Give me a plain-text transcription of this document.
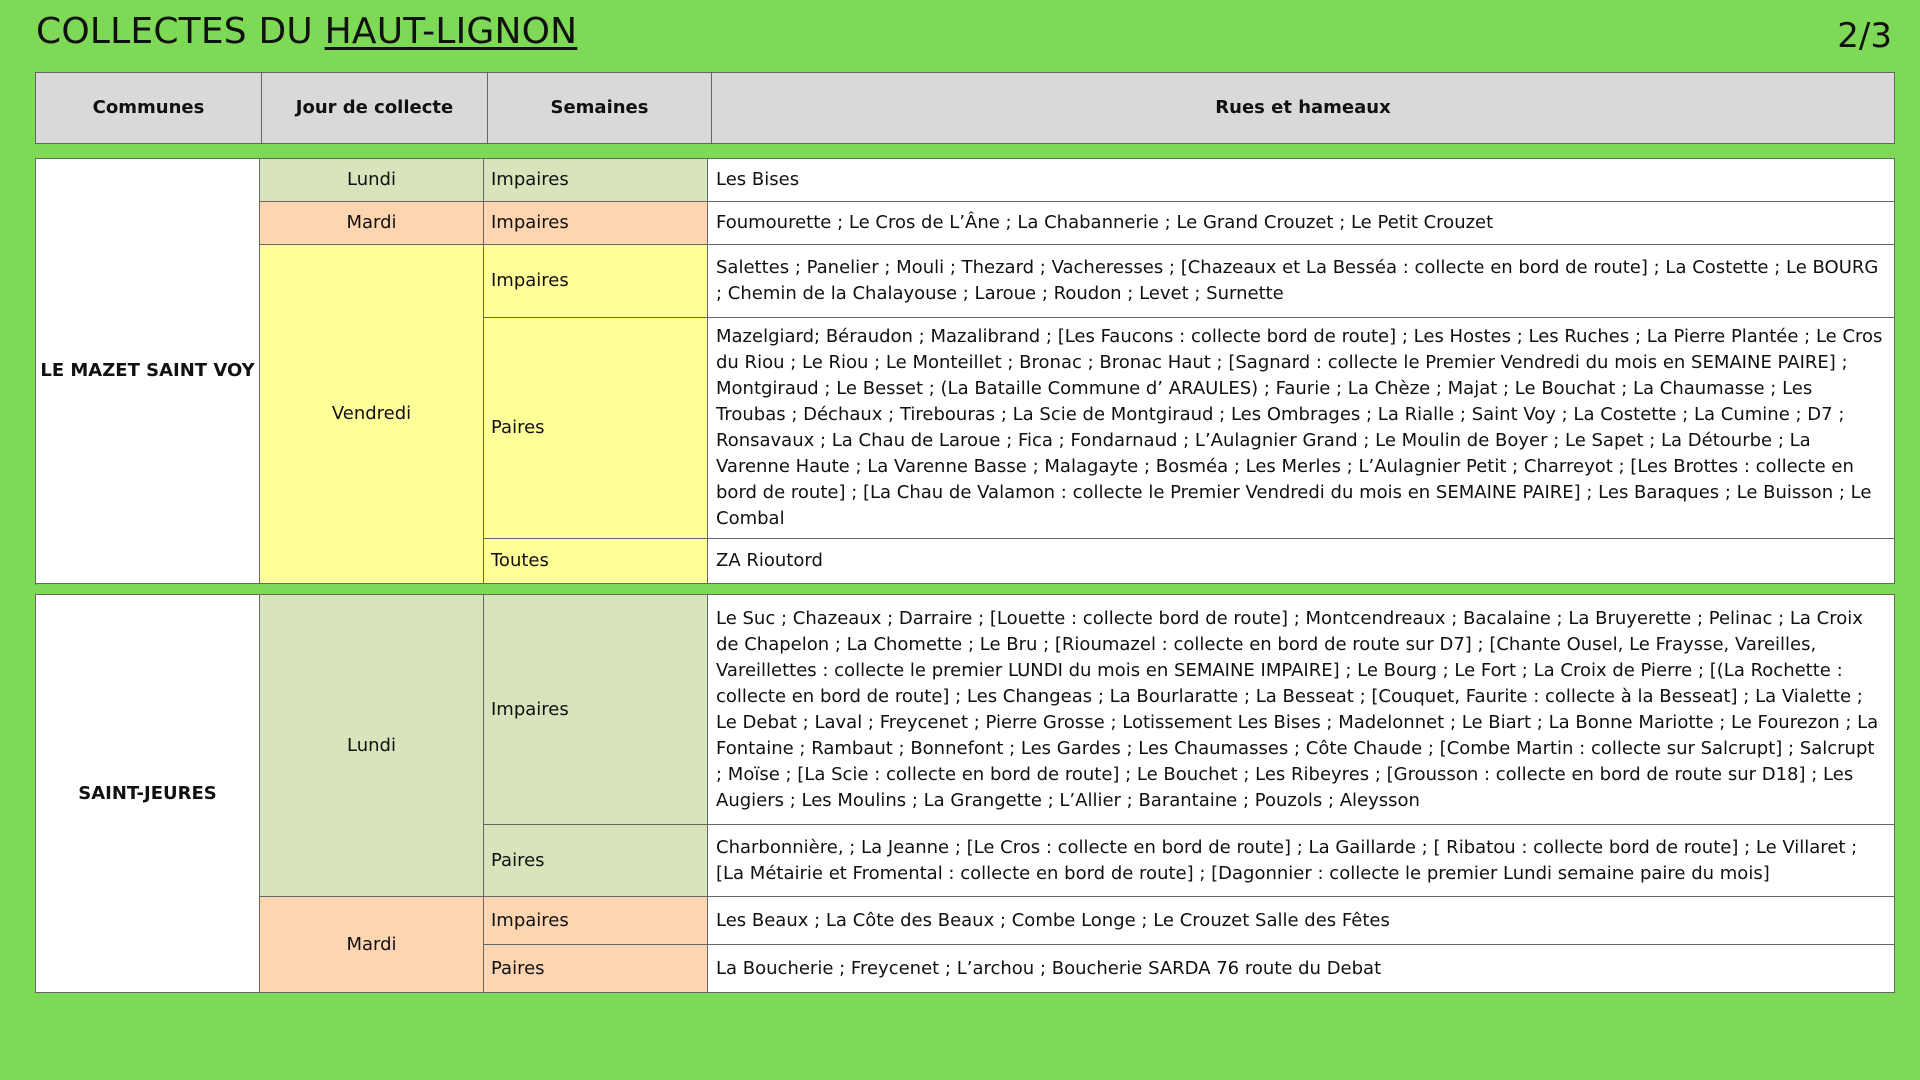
COLLECTES DU HAUT-LIGNON	2/3
Communes	Jour de collecte	Semaines	Rues et hameaux
LE MAZET SAINT VOY	Lundi	Impaires	Les Bises
	Mardi	Impaires	Foumourette ; Le Cros de L’Âne ; La Chabannerie ; Le Grand Crouzet ; Le Petit Crouzet
	Vendredi	Impaires	Salettes ; Panelier ; Mouli ; Thezard ; Vacheresses ; [Chazeaux et La Besséa : collecte en bord de route] ; La Costette ; Le BOURG ; Chemin de la Chalayouse ; Laroue ; Roudon ; Levet ; Surnette
		Paires	Mazelgiard; Béraudon ; Mazalibrand ; [Les Faucons : collecte bord de route] ; Les Hostes ; Les Ruches ; La Pierre Plantée ; Le Cros du Riou ; Le Riou ; Le Monteillet ; Bronac ; Bronac Haut ; [Sagnard : collecte le Premier Vendredi du mois en SEMAINE PAIRE] ; Montgiraud ; Le Besset ; (La Bataille Commune d’ ARAULES) ; Faurie ; La Chèze ; Majat ; Le Bouchat ; La Chaumasse ; Les Troubas ; Déchaux ; Tirebouras ; La Scie de Montgiraud ; Les Ombrages ; La Rialle ; Saint Voy ; La Costette ; La Cumine ; D7 ; Ronsavaux ; La Chau de Laroue ; Fica ; Fondarnaud ; L’Aulagnier Grand ; Le Moulin de Boyer ; Le Sapet ; La Détourbe ; La Varenne Haute ; La Varenne Basse ; Malagayte ; Bosméa ; Les Merles ; L’Aulagnier Petit ; Charreyot ; [Les Brottes : collecte en bord de route] ; [La Chau de Valamon : collecte le Premier Vendredi du mois en SEMAINE PAIRE] ; Les Baraques ; Le Buisson ; Le Combal
		Toutes	ZA Rioutord

SAINT-JEURES	Lundi	Impaires	Le Suc ; Chazeaux ; Darraire ; [Louette : collecte bord de route] ; Montcendreaux ; Bacalaine ; La Bruyerette ; Pelinac ; La Croix de Chapelon ; La Chomette ; Le Bru ; [Rioumazel : collecte en bord de route sur D7] ; [Chante Ousel, Le Fraysse, Vareilles, Vareillettes : collecte le premier LUNDI du mois en SEMAINE IMPAIRE] ; Le Bourg ; Le Fort ; La Croix de Pierre ; [(La Rochette : collecte en bord de route] ; Les Changeas ; La Bourlaratte ; La Besseat ; [Couquet, Faurite : collecte à la Besseat] ; La Vialette ; Le Debat ; Laval ; Freycenet ; Pierre Grosse ; Lotissement Les Bises ; Madelonnet ; Le Biart ; La Bonne Mariotte ; Le Fourezon ; La Fontaine ; Rambaut ; Bonnefont ; Les Gardes ; Les Chaumasses ; Côte Chaude ; [Combe Martin : collecte sur Salcrupt] ; Salcrupt ; Moïse ; [La Scie : collecte en bord de route] ; Le Bouchet ; Les Ribeyres ; [Grousson : collecte en bord de route sur D18] ; Les Augiers ; Les Moulins ; La Grangette ; L’Allier ; Barantaine ; Pouzols ; Aleysson
		Paires	Charbonnière, ; La Jeanne ; [Le Cros : collecte en bord de route] ; La Gaillarde ; [ Ribatou : collecte bord de route] ; Le Villaret ; [La Métairie et Fromental : collecte en bord de route] ; [Dagonnier : collecte le premier Lundi semaine paire du mois]
	Mardi	Impaires	Les Beaux ; La Côte des Beaux ; Combe Longe ; Le Crouzet Salle des Fêtes
		Paires	La Boucherie ; Freycenet ; L’archou ; Boucherie SARDA 76 route du Debat
